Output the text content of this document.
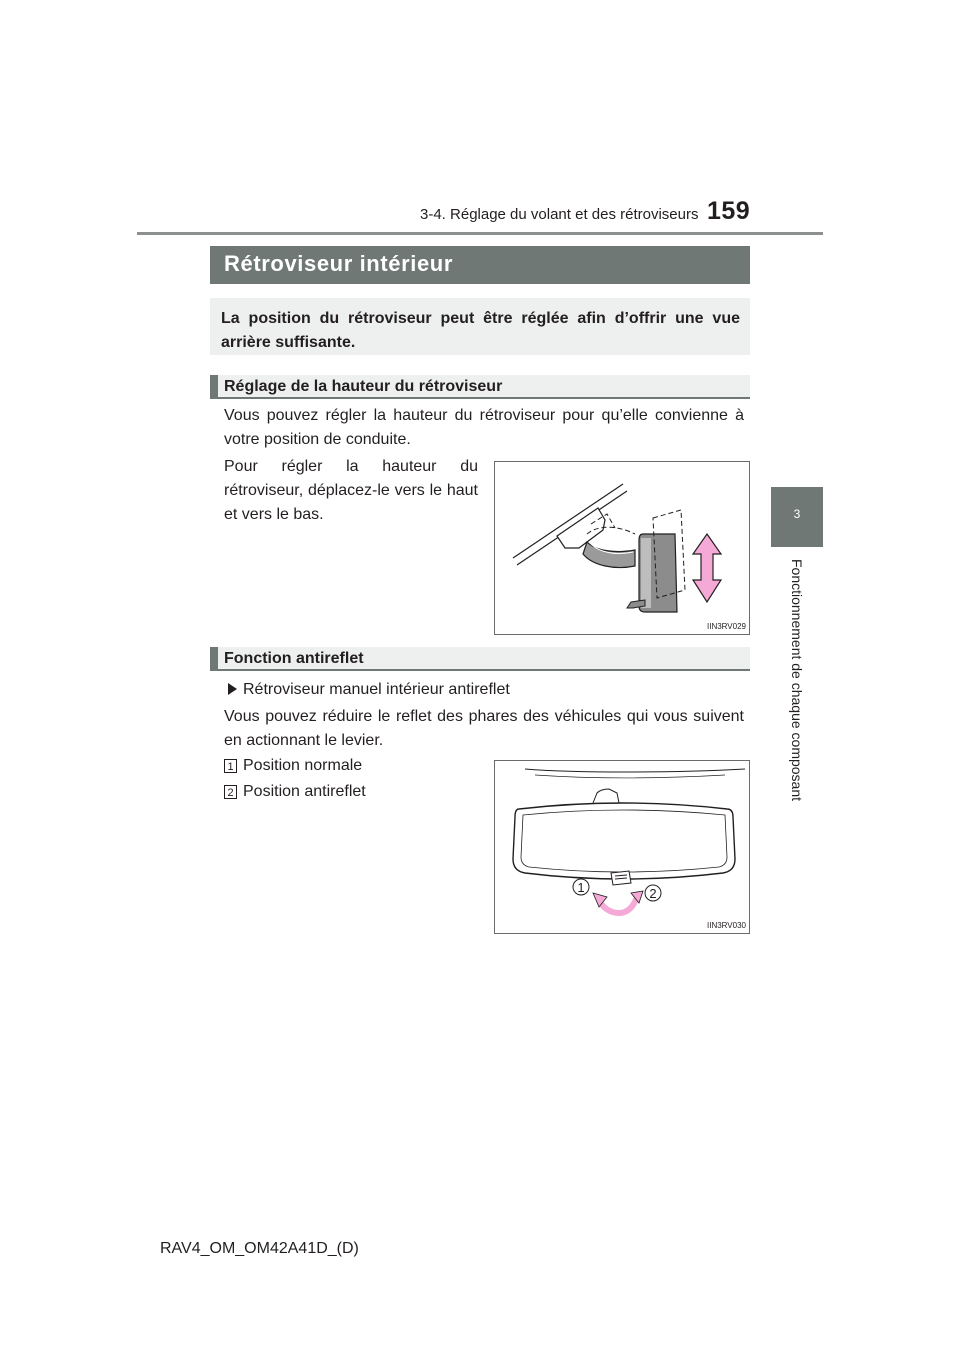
3-4. Réglage du volant et des rétroviseurs 159
3
Fonctionnement de chaque composant
Rétroviseur intérieur
La position du rétroviseur peut être réglée afin d’offrir une vue arrière suffisante.
Réglage de la hauteur du rétroviseur
Vous pouvez régler la hauteur du rétroviseur pour qu’elle convienne à votre position de conduite.
Pour régler la hauteur du rétroviseur, déplacez-le vers le haut et vers le bas.
IIN3RV029
Fonction antireflet
Rétroviseur manuel intérieur antireflet
Vous pouvez réduire le reflet des phares des véhicules qui vous suivent en actionnant le levier.
1 Position normale
2 Position antireflet
1	2
IIN3RV030
RAV4_OM_OM42A41D_(D)
